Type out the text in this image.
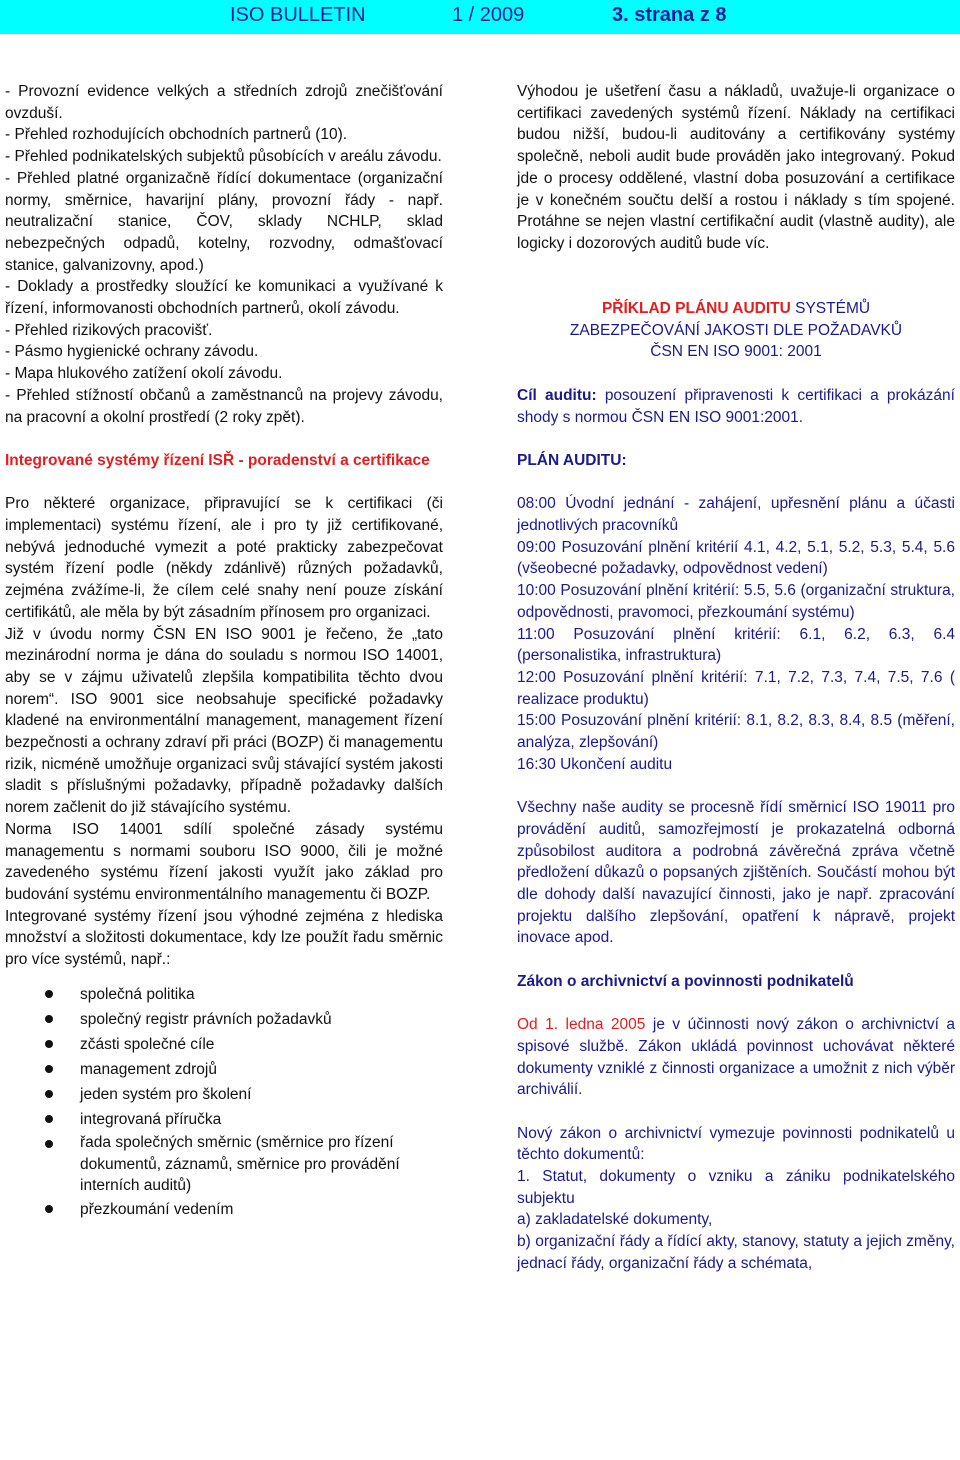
ISO BULLETIN	1 / 2009	3. strana z 8

- Provozní evidence velkých a středních zdrojů znečišťování ovzduší.

- Přehled rozhodujících obchodních partnerů (10).

- Přehled podnikatelských subjektů působících v areálu závodu.

- Přehled platné organizačně řídící dokumentace (organizační normy, směrnice, havarijní plány, provozní řády - např. neutralizační stanice, ČOV, sklady NCHLP, sklad nebezpečných odpadů, kotelny, rozvodny, odmašťovací stanice, galvanizovny, apod.)

- Doklady a prostředky sloužící ke komunikaci a využívané k řízení, informovanosti obchodních partnerů, okolí závodu.

- Přehled rizikových pracovišť.

- Pásmo hygienické ochrany závodu.

- Mapa hlukového zatížení okolí závodu.

- Přehled stížností občanů a zaměstnanců na projevy závodu, na pracovní a okolní prostředí (2 roky zpět).

Integrované systémy řízení ISŘ - poradenství a certifikace

Pro některé organizace, připravující se k certifikaci (či implementaci) systému řízení, ale i pro ty již certifikované, nebývá jednoduché vymezit a poté prakticky zabezpečovat systém řízení podle (někdy zdánlivě) různých požadavků, zejména zvážíme-li, že cílem celé snahy není pouze získání certifikátů, ale měla by být zásadním přínosem pro organizaci.

Již v úvodu normy ČSN EN ISO 9001 je řečeno, že „tato mezinárodní norma je dána do souladu s normou ISO 14001, aby se v zájmu uživatelů zlepšila kompatibilita těchto dvou norem“. ISO 9001 sice neobsahuje specifické požadavky kladené na environmentální management, management řízení bezpečnosti a ochrany zdraví při práci (BOZP) či managementu rizik, nicméně umožňuje organizaci svůj stávající systém jakosti sladit s příslušnými požadavky, případně požadavky dalších norem začlenit do již stávajícího systému.

Norma ISO 14001 sdílí společné zásady systému managementu s normami souboru ISO 9000, čili je možné zavedeného systému řízení jakosti využít jako základ pro budování systému environmentálního managementu či BOZP.

Integrované systémy řízení jsou výhodné zejména z hlediska množství a složitosti dokumentace, kdy lze použít řadu směrnic pro více systémů, např.:

společná politika
společný registr právních požadavků
zčásti společné cíle
management zdrojů
jeden systém pro školení
integrovaná příručka
řada společných směrnic (směrnice pro řízení dokumentů, záznamů, směrnice pro provádění interních auditů)
přezkoumání vedením

Výhodou je ušetření času a nákladů, uvažuje-li organizace o certifikaci zavedených systémů řízení. Náklady na certifikaci budou nižší, budou-li auditovány a certifikovány systémy společně, neboli audit bude prováděn jako integrovaný. Pokud jde o procesy oddělené, vlastní doba posuzování a certifikace je v konečném součtu delší a rostou i náklady s tím spojené. Protáhne se nejen vlastní certifikační audit (vlastně audity), ale logicky i dozorových auditů bude víc.

PŘÍKLAD PLÁNU AUDITU SYSTÉMŮ

ZABEZPEČOVÁNÍ JAKOSTI DLE POŽADAVKŮ

ČSN EN ISO 9001: 2001

Cíl auditu: posouzení připravenosti k certifikaci a prokázání shody s normou ČSN EN ISO 9001:2001.

PLÁN AUDITU:

08:00 Úvodní jednání - zahájení, upřesnění plánu a účasti jednotlivých pracovníků

09:00 Posuzování plnění kritérií 4.1, 4.2, 5.1, 5.2, 5.3, 5.4, 5.6 (všeobecné požadavky, odpovědnost vedení)

10:00 Posuzování plnění kritérií: 5.5, 5.6 (organizační struktura, odpovědnosti, pravomoci, přezkoumání systému)

11:00 Posuzování plnění kritérií: 6.1, 6.2, 6.3, 6.4 (personalistika, infrastruktura)

12:00 Posuzování plnění kritérií: 7.1, 7.2, 7.3, 7.4, 7.5, 7.6 ( realizace produktu)

15:00 Posuzování plnění kritérií: 8.1, 8.2, 8.3, 8.4, 8.5 (měření, analýza, zlepšování)

16:30 Ukončení auditu

Všechny naše audity se procesně řídí směrnicí ISO 19011 pro provádění auditů, samozřejmostí je prokazatelná odborná způsobilost auditora a podrobná závěrečná zpráva včetně předložení důkazů o popsaných zjištěních. Součástí mohou být dle dohody další navazující činnosti, jako je např. zpracování projektu dalšího zlepšování, opatření k nápravě, projekt inovace apod.

Zákon o archivnictví a povinnosti podnikatelů

Od 1. ledna 2005 je v účinnosti nový zákon o archivnictví a spisové službě. Zákon ukládá povinnost uchovávat některé dokumenty vzniklé z činnosti organizace a umožnit z nich výběr archiválií.

Nový zákon o archivnictví vymezuje povinnosti podnikatelů u těchto dokumentů:

1. Statut, dokumenty o vzniku a zániku podnikatelského subjektu

a) zakladatelské dokumenty,

b) organizační řády a řídící akty, stanovy, statuty a jejich změny, jednací řády, organizační řády a schémata,
